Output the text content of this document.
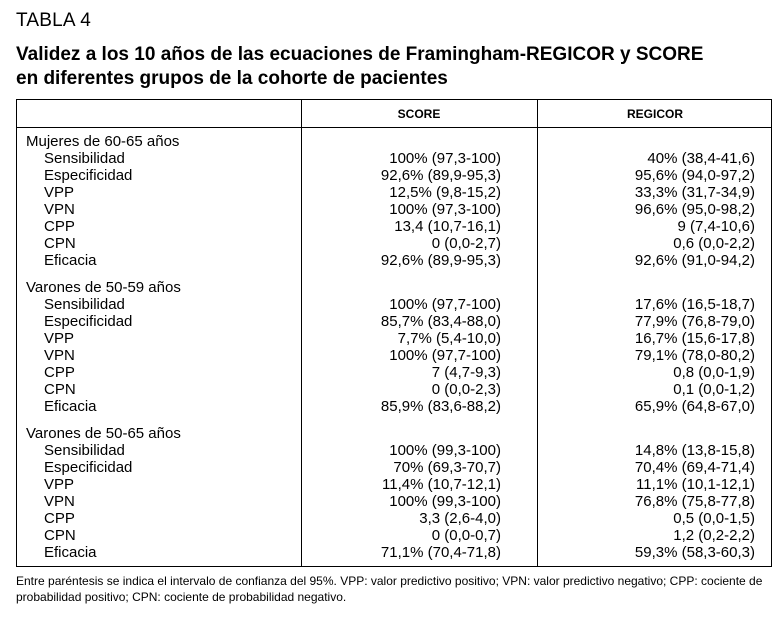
TABLA 4
Validez a los 10 años de las ecuaciones de Framingham-REGICOR y SCORE
en diferentes grupos de la cohorte de pacientes
SCORE	REGICOR
Mujeres de 60-65 años
Sensibilidad	100% (97,3-100)	40% (38,4-41,6)
Especificidad	92,6% (89,9-95,3)	95,6% (94,0-97,2)
VPP	12,5% (9,8-15,2)	33,3% (31,7-34,9)
VPN	100% (97,3-100)	96,6% (95,0-98,2)
CPP	13,4 (10,7-16,1)	9 (7,4-10,6)
CPN	0 (0,0-2,7)	0,6 (0,0-2,2)
Eficacia	92,6% (89,9-95,3)	92,6% (91,0-94,2)
Varones de 50-59 años
Sensibilidad	100% (97,7-100)	17,6% (16,5-18,7)
Especificidad	85,7% (83,4-88,0)	77,9% (76,8-79,0)
VPP	7,7% (5,4-10,0)	16,7% (15,6-17,8)
VPN	100% (97,7-100)	79,1% (78,0-80,2)
CPP	7 (4,7-9,3)	0,8 (0,0-1,9)
CPN	0 (0,0-2,3)	0,1 (0,0-1,2)
Eficacia	85,9% (83,6-88,2)	65,9% (64,8-67,0)
Varones de 50-65 años
Sensibilidad	100% (99,3-100)	14,8% (13,8-15,8)
Especificidad	70% (69,3-70,7)	70,4% (69,4-71,4)
VPP	11,4% (10,7-12,1)	11,1% (10,1-12,1)
VPN	100% (99,3-100)	76,8% (75,8-77,8)
CPP	3,3 (2,6-4,0)	0,5 (0,0-1,5)
CPN	0 (0,0-0,7)	1,2 (0,2-2,2)
Eficacia	71,1% (70,4-71,8)	59,3% (58,3-60,3)
Entre paréntesis se indica el intervalo de confianza del 95%. VPP: valor predictivo positivo; VPN: valor predictivo negativo; CPP: cociente de probabilidad positivo; CPN: cociente de probabilidad negativo.
